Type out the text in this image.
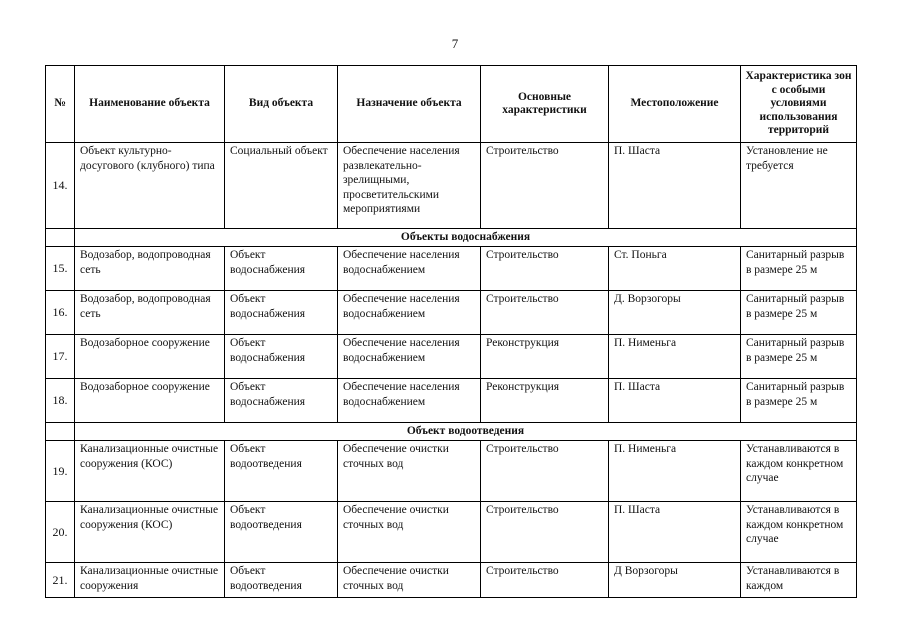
7
№	Наименование объекта	Вид объекта	Назначение объекта	Основные характеристики	Местоположение	Характеристика зон с особыми условиями использования территорий
14.	Объект культурно-досугового (клубного) типа	Социальный объект	Обеспечение населения развлекательно-зрелищными, просветительскими мероприятиями	Строительство	П. Шаста	Установление не требуется
	Объекты водоснабжения					
15.	Водозабор, водопроводная сеть	Объект водоснабжения	Обеспечение населения водоснабжением	Строительство	Ст. Поньга	Санитарный разрыв в размере 25 м
16.	Водозабор, водопроводная сеть	Объект водоснабжения	Обеспечение населения водоснабжением	Строительство	Д. Ворзогоры	Санитарный разрыв в размере 25 м
17.	Водозаборное сооружение	Объект водоснабжения	Обеспечение населения водоснабжением	Реконструкция	П. Нименьга	Санитарный разрыв в размере 25 м
18.	Водозаборное сооружение	Объект водоснабжения	Обеспечение населения водоснабжением	Реконструкция	П. Шаста	Санитарный разрыв в размере 25 м
	Объект водоотведения					
19.	Канализационные очистные сооружения (КОС)	Объект водоотведения	Обеспечение очистки сточных вод	Строительство	П. Нименьга	Устанавливаются в каждом конкретном случае
20.	Канализационные очистные сооружения (КОС)	Объект водоотведения	Обеспечение очистки сточных вод	Строительство	П. Шаста	Устанавливаются в каждом конкретном случае
21.	Канализационные очистные сооружения	Объект водоотведения	Обеспечение очистки сточных вод	Строительство	Д Ворзогоры	Устанавливаются в каждом
